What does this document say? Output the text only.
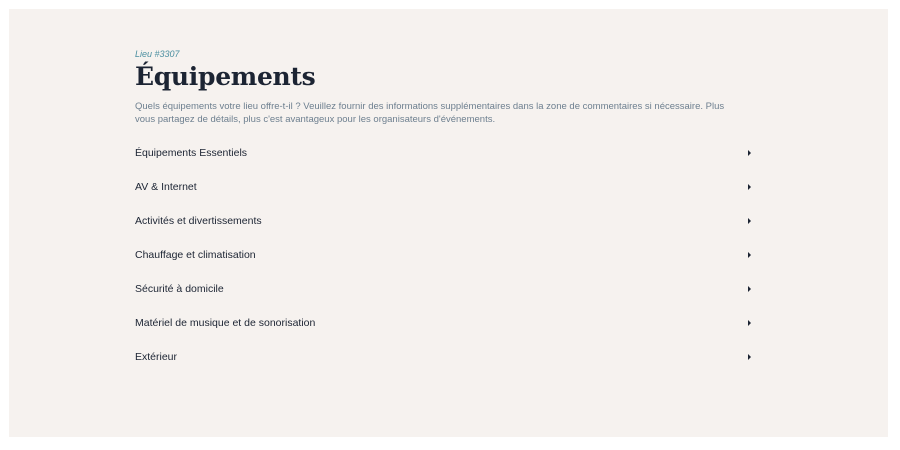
Lieu #3307
Équipements
Quels équipements votre lieu offre-t-il ? Veuillez fournir des informations supplémentaires dans la zone de commentaires si nécessaire. Plus vous partagez de détails, plus c'est avantageux pour les organisateurs d'événements.
Équipements Essentiels
AV & Internet
Activités et divertissements
Chauffage et climatisation
Sécurité à domicile
Matériel de musique et de sonorisation
Extérieur
